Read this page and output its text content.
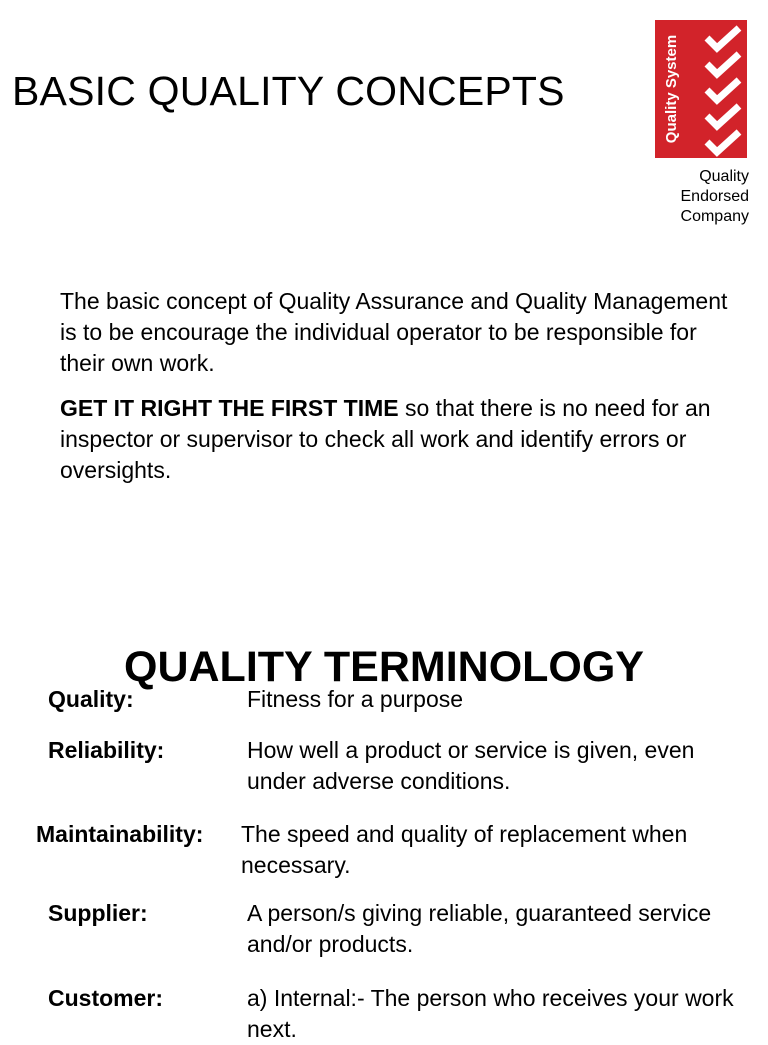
BASIC QUALITY CONCEPTS	Quality System
Quality
Endorsed
Company

The basic concept of Quality Assurance and Quality Management is to be encourage the individual operator to be responsible for their own work.

GET IT RIGHT THE FIRST TIME so that there is no need for an inspector or supervisor to check all work and identify errors or oversights.

QUALITY TERMINOLOGY
Quality:	Fitness for a purpose
Reliability:	How well a product or service is given, even under adverse conditions.
Maintainability: The speed and quality of replacement when necessary.
Supplier:	A person/s giving reliable, guaranteed service and/or products.
Customer:	a) Internal:- The person who receives your work next.
